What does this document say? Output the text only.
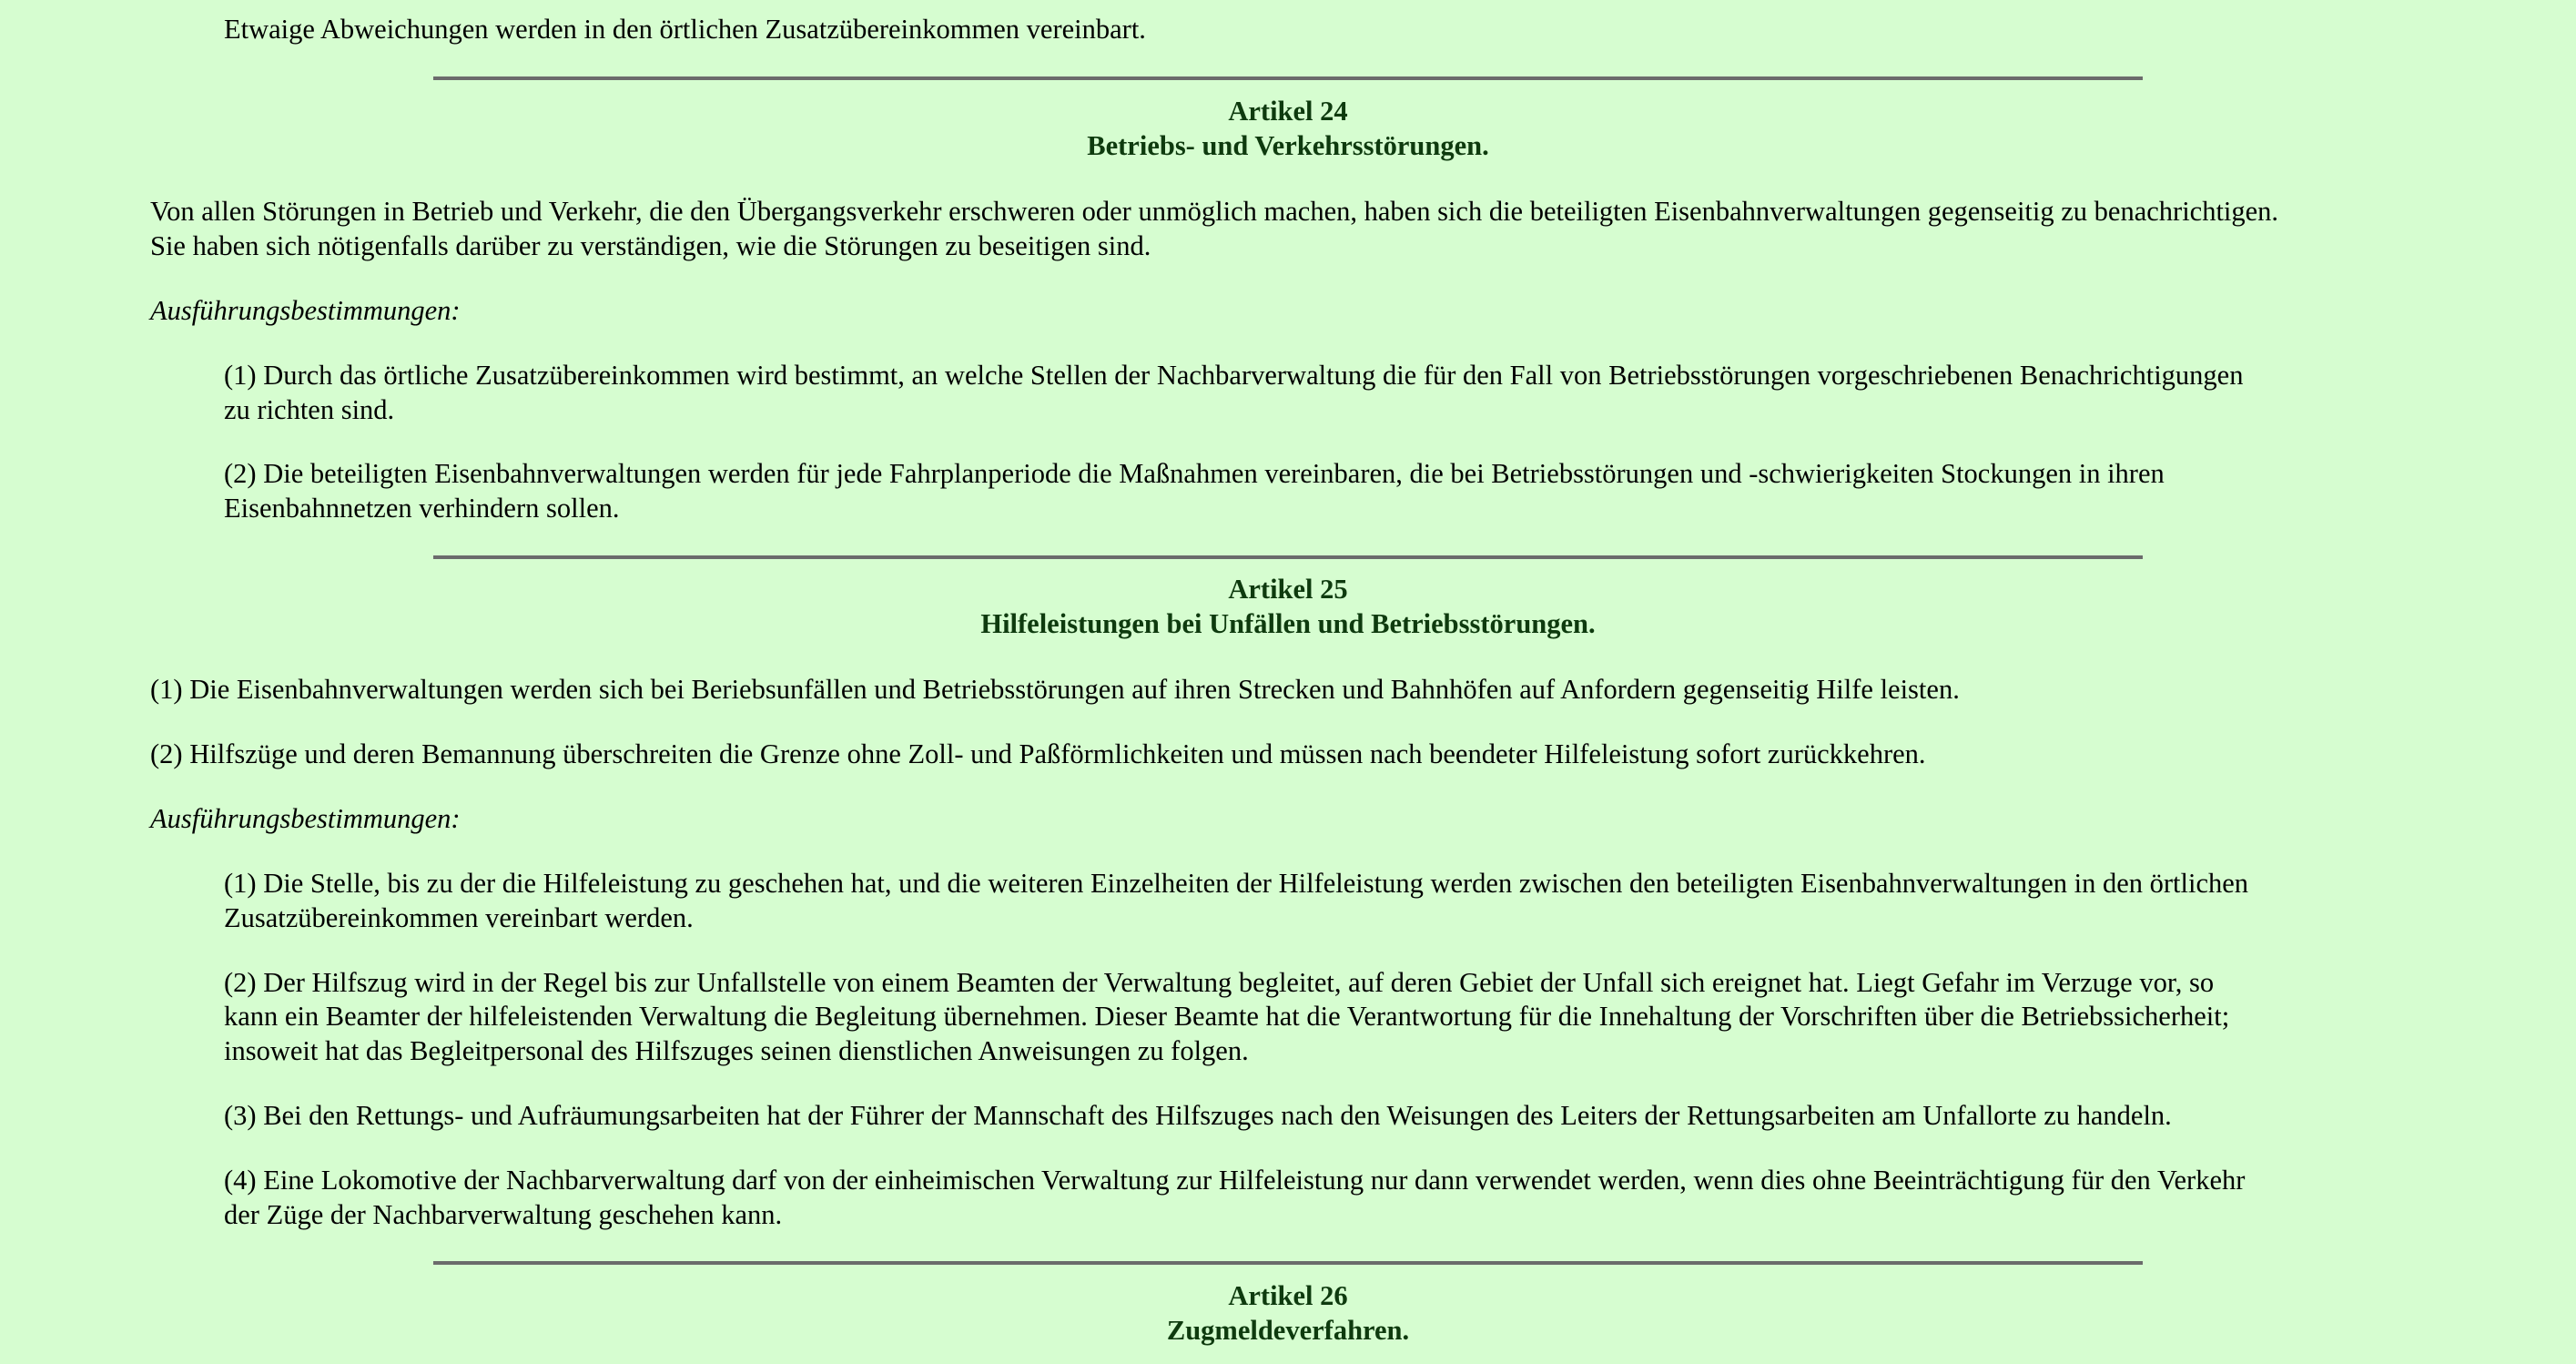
Etwaige Abweichungen werden in den örtlichen Zusatzübereinkommen vereinbart.
Artikel 24
Betriebs- und Verkehrsstörungen.
Von allen Störungen in Betrieb und Verkehr, die den Übergangsverkehr erschweren oder unmöglich machen, haben sich die beteiligten Eisenbahnverwaltungen gegenseitig zu benachrichtigen.
Sie haben sich nötigenfalls darüber zu verständigen, wie die Störungen zu beseitigen sind.
Ausführungsbestimmungen:
(1) Durch das örtliche Zusatzübereinkommen wird bestimmt, an welche Stellen der Nachbarverwaltung die für den Fall von Betriebsstörungen vorgeschriebenen Benachrichtigungen
zu richten sind.
(2) Die beteiligten Eisenbahnverwaltungen werden für jede Fahrplanperiode die Maßnahmen vereinbaren, die bei Betriebsstörungen und -schwierigkeiten Stockungen in ihren
Eisenbahnnetzen verhindern sollen.
Artikel 25
Hilfeleistungen bei Unfällen und Betriebsstörungen.
(1) Die Eisenbahnverwaltungen werden sich bei Beriebsunfällen und Betriebsstörungen auf ihren Strecken und Bahnhöfen auf Anfordern gegenseitig Hilfe leisten.
(2) Hilfszüge und deren Bemannung überschreiten die Grenze ohne Zoll- und Paßförmlichkeiten und müssen nach beendeter Hilfeleistung sofort zurückkehren.
Ausführungsbestimmungen:
(1) Die Stelle, bis zu der die Hilfeleistung zu geschehen hat, und die weiteren Einzelheiten der Hilfeleistung werden zwischen den beteiligten Eisenbahnverwaltungen in den örtlichen
Zusatzübereinkommen vereinbart werden.
(2) Der Hilfszug wird in der Regel bis zur Unfallstelle von einem Beamten der Verwaltung begleitet, auf deren Gebiet der Unfall sich ereignet hat. Liegt Gefahr im Verzuge vor, so
kann ein Beamter der hilfeleistenden Verwaltung die Begleitung übernehmen. Dieser Beamte hat die Verantwortung für die Innehaltung der Vorschriften über die Betriebssicherheit;
insoweit hat das Begleitpersonal des Hilfszuges seinen dienstlichen Anweisungen zu folgen.
(3) Bei den Rettungs- und Aufräumungsarbeiten hat der Führer der Mannschaft des Hilfszuges nach den Weisungen des Leiters der Rettungsarbeiten am Unfallorte zu handeln.
(4) Eine Lokomotive der Nachbarverwaltung darf von der einheimischen Verwaltung zur Hilfeleistung nur dann verwendet werden, wenn dies ohne Beeinträchtigung für den Verkehr
der Züge der Nachbarverwaltung geschehen kann.
Artikel 26
Zugmeldeverfahren.
